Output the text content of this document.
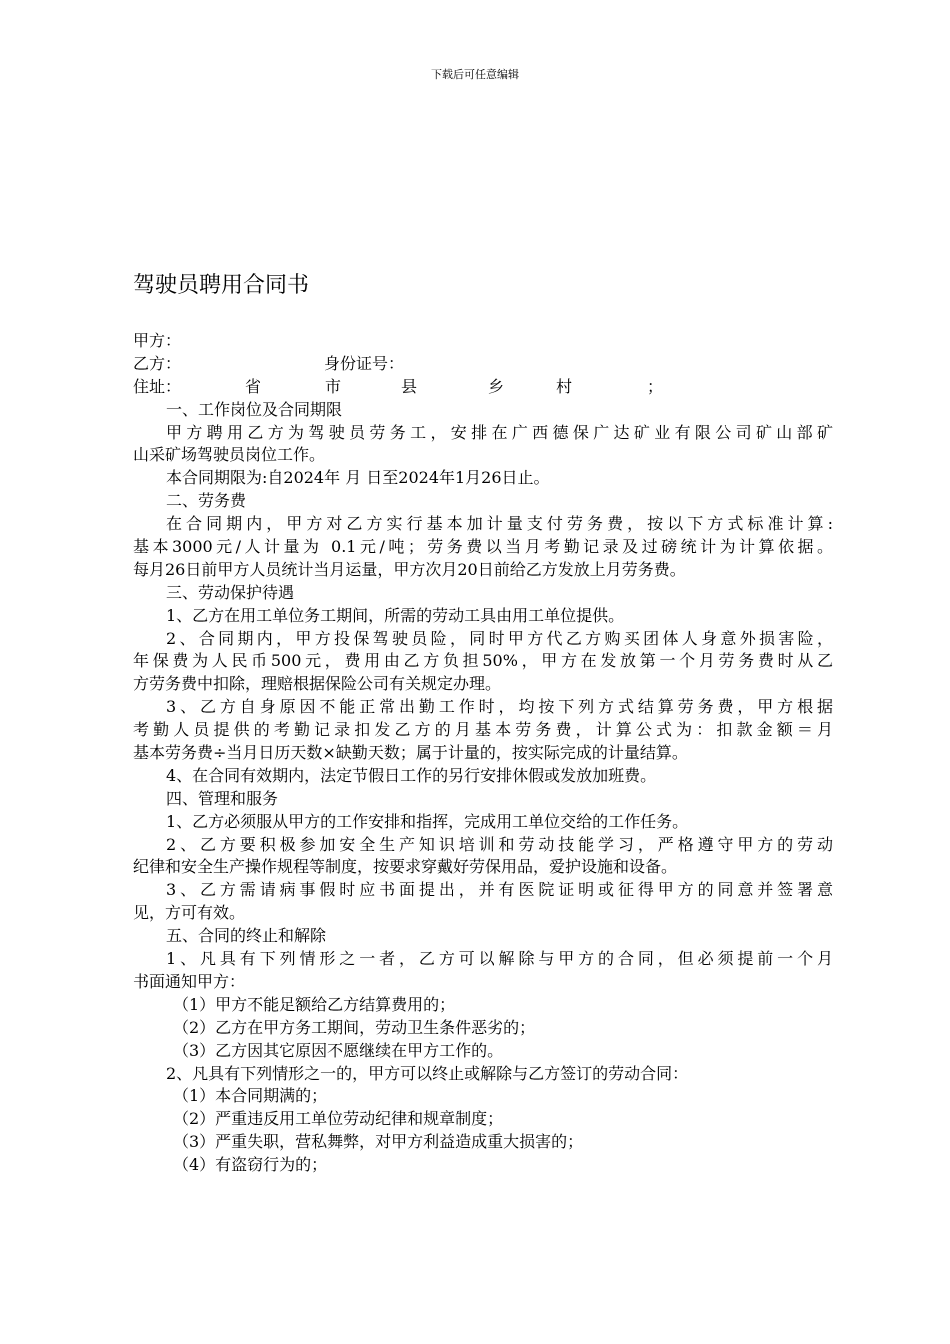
下载后可任意编辑
驾驶员聘用合同书
甲方：
乙方：	身份证号：
住址：	省	市	县	乡	村	；
一、工作岗位及合同期限
甲方聘用乙方为驾驶员劳务工，安排在广西德保广达矿业有限公司矿山部矿
山采矿场驾驶员岗位工作。
本合同期限为:自2024年 月 日至2024年1月26日止。
二、劳务费
在合同期内，甲方对乙方实行基本加计量支付劳务费，按以下方式标准计算:
基本3000元/人计量为 0.1元/吨；劳务费以当月考勤记录及过磅统计为计算依据。
每月26日前甲方人员统计当月运量，甲方次月20日前给乙方发放上月劳务费。
三、劳动保护待遇
1、乙方在用工单位务工期间，所需的劳动工具由用工单位提供。
2、合同期内，甲方投保驾驶员险，同时甲方代乙方购买团体人身意外损害险，
年保费为人民币500元，费用由乙方负担50%，甲方在发放第一个月劳务费时从乙
方劳务费中扣除，理赔根据保险公司有关规定办理。
3、乙方自身原因不能正常出勤工作时，均按下列方式结算劳务费，甲方根据
考勤人员提供的考勤记录扣发乙方的月基本劳务费，计算公式为：扣款金额＝月
基本劳务费÷当月日历天数×缺勤天数；属于计量的，按实际完成的计量结算。
4、在合同有效期内，法定节假日工作的另行安排休假或发放加班费。
四、管理和服务
1、乙方必须服从甲方的工作安排和指挥，完成用工单位交给的工作任务。
2、乙方要积极参加安全生产知识培训和劳动技能学习，严格遵守甲方的劳动
纪律和安全生产操作规程等制度，按要求穿戴好劳保用品，爱护设施和设备。
3、乙方需请病事假时应书面提出，并有医院证明或征得甲方的同意并签署意
见，方可有效。
五、合同的终止和解除
1、凡具有下列情形之一者，乙方可以解除与甲方的合同，但必须提前一个月
书面通知甲方：
（1）甲方不能足额给乙方结算费用的；
（2）乙方在甲方务工期间，劳动卫生条件恶劣的；
（3）乙方因其它原因不愿继续在甲方工作的。
2、凡具有下列情形之一的，甲方可以终止或解除与乙方签订的劳动合同：
（1）本合同期满的；
（2）严重违反用工单位劳动纪律和规章制度；
（3）严重失职，营私舞弊，对甲方利益造成重大损害的；
（4）有盗窃行为的；
